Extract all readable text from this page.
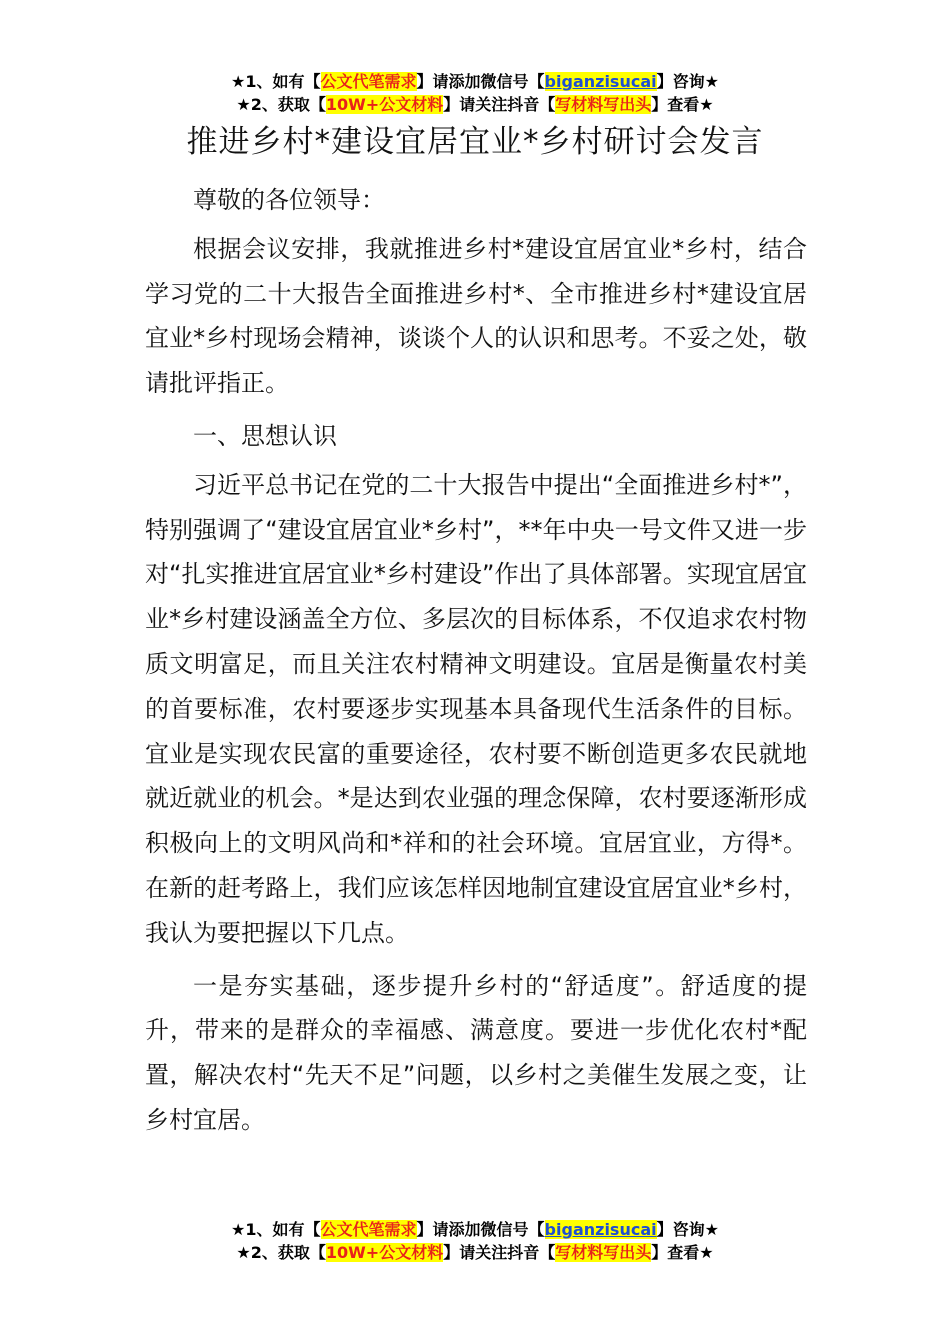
★1、如有【公文代笔需求】请添加微信号【biganzisucai】咨询★
★2、获取【10W+公文材料】请关注抖音【写材料写出头】查看★
推进乡村*建设宜居宜业*乡村研讨会发言

尊敬的各位领导：

根据会议安排，我就推进乡村*建设宜居宜业*乡村，结合学习党的二十大报告全面推进乡村*、全市推进乡村*建设宜居宜业*乡村现场会精神，谈谈个人的认识和思考。不妥之处，敬请批评指正。

一、思想认识

习近平总书记在党的二十大报告中提出“全面推进乡村*”，特别强调了“建设宜居宜业*乡村”，**年中央一号文件又进一步对“扎实推进宜居宜业*乡村建设”作出了具体部署。实现宜居宜业*乡村建设涵盖全方位、多层次的目标体系，不仅追求农村物质文明富足，而且关注农村精神文明建设。宜居是衡量农村美的首要标准，农村要逐步实现基本具备现代生活条件的目标。宜业是实现农民富的重要途径，农村要不断创造更多农民就地就近就业的机会。*是达到农业强的理念保障，农村要逐渐形成积极向上的文明风尚和*祥和的社会环境。宜居宜业，方得*。在新的赶考路上，我们应该怎样因地制宜建设宜居宜业*乡村，我认为要把握以下几点。

一是夯实基础，逐步提升乡村的“舒适度”。舒适度的提升，带来的是群众的幸福感、满意度。要进一步优化农村*配置，解决农村“先天不足”问题，以乡村之美催生发展之变，让乡村宜居。

★1、如有【公文代笔需求】请添加微信号【biganzisucai】咨询★
★2、获取【10W+公文材料】请关注抖音【写材料写出头】查看★
